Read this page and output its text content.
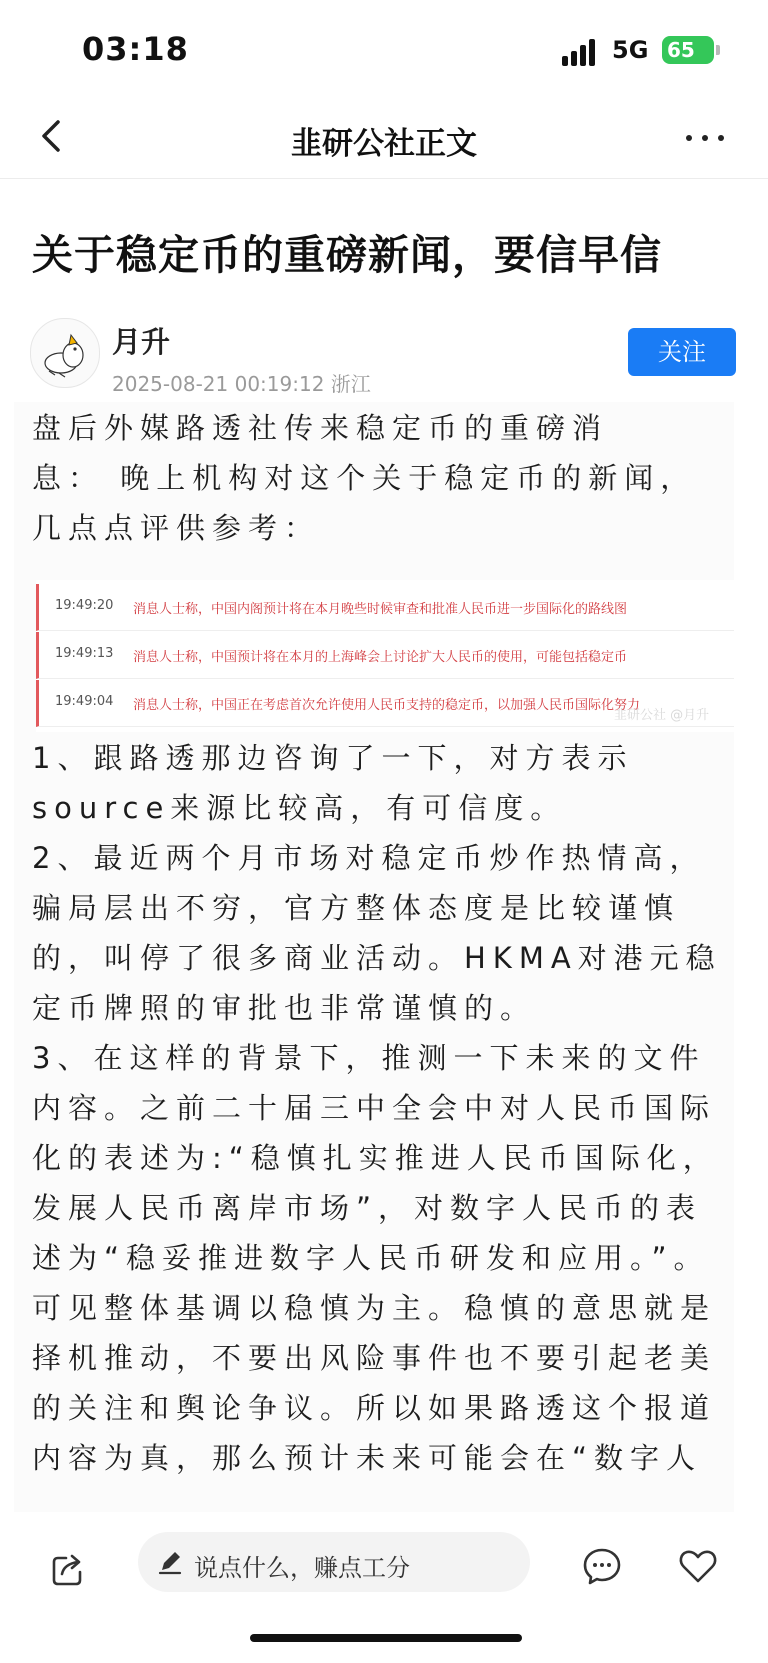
03:18	5G 65
韭研公社正文
关于稳定币的重磅新闻，要信早信
月升
2025-08-21 00:19:12 浙江
关注
盘后外媒路透社传来稳定币的重磅消
息： 晚上机构对这个关于稳定币的新闻，
几点点评供参考：
19:49:20 消息人士称，中国内阁预计将在本月晚些时候审查和批准人民币进一步国际化的路线图
19:49:13 消息人士称，中国预计将在本月的上海峰会上讨论扩大人民币的使用，可能包括稳定币
19:49:04 消息人士称，中国正在考虑首次允许使用人民币支持的稳定币，以加强人民币国际化努力
韭研公社 @月升
1、跟路透那边咨询了一下，对方表示
source来源比较高，有可信度。
2、最近两个月市场对稳定币炒作热情高，
骗局层出不穷，官方整体态度是比较谨慎
的，叫停了很多商业活动。HKMA对港元稳
定币牌照的审批也非常谨慎的。
3、在这样的背景下，推测一下未来的文件
内容。之前二十届三中全会中对人民币国际
化的表述为:“稳慎扎实推进人民币国际化，
发展人民币离岸市场”，对数字人民币的表
述为“稳妥推进数字人民币研发和应用。”。
可见整体基调以稳慎为主。稳慎的意思就是
择机推动，不要出风险事件也不要引起老美
的关注和舆论争议。所以如果路透这个报道
内容为真，那么预计未来可能会在“数字人
说点什么，赚点工分
